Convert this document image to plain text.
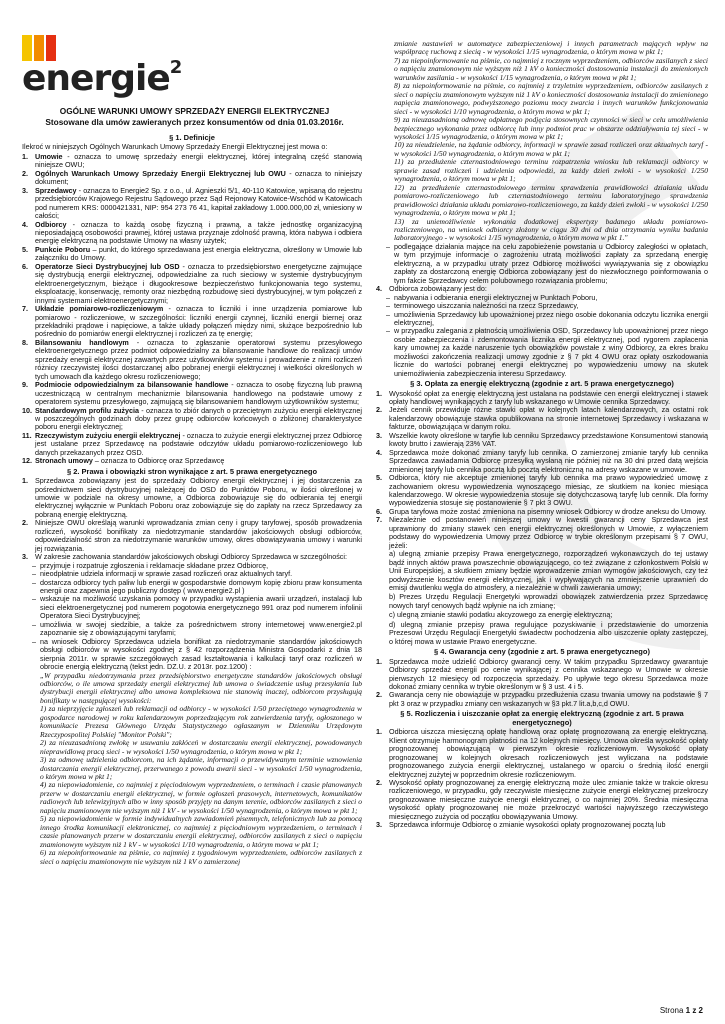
energie$^2$
OGÓLNE WARUNKI UMOWY SPRZEDAŻY ENERGII ELEKTRYCZNEJ
Stosowane dla umów zawieranych przez konsumentów od dnia 01.03.2016r.
§ 1. Definicje
Ilekroć w niniejszych Ogólnych Warunkach Umowy Sprzedaży Energii Elektrycznej jest mowa o:
1. Umowie - oznacza to umowę sprzedaży energii elektrycznej, której integralną część stanowią niniejsze OWU;
2. Ogólnych Warunkach Umowy Sprzedaży Energii Elektrycznej lub OWU - oznacza to niniejszy dokument;
3. Sprzedawcy - oznacza to Energie2 Sp. z o.o., ul. Agnieszki 5/1, 40-110 Katowice, wpisaną do rejestru przedsiębiorców Krajowego Rejestru Sądowego przez Sąd Rejonowy Katowice-Wschód w Katowicach pod numerem KRS: 0000421331, NIP: 954 273 76 41, kapitał zakładowy 1.000.000,00 zł, wniesiony w całości;
4. Odbiorcy - oznacza to każdą osobę fizyczną i prawną, a także jednostkę organizacyjną nieposiadającą osobowości prawnej, której ustawa przyznaje zdolność prawną, która nabywa i odbiera energię elektryczną na podstawie Umowy na własny użytek;
5. Punkcie Poboru – punkt, do którego sprzedawana jest energia elektryczna, określony w Umowie lub załączniku do Umowy.
6. Operatorze Sieci Dystrybucyjnej lub OSD - oznacza to przedsiębiorstwo energetyczne zajmujące się dystrybucją energii elektrycznej, odpowiedzialne za ruch sieciowy w systemie dystrybucyjnym elektroenergetycznym, bieżące i długookresowe bezpieczeństwo funkcjonowania tego systemu, eksploatację, konserwację, remonty oraz niezbędną rozbudowę sieci dystrybucyjnej, w tym połączeń z innymi systemami elektroenergetycznymi;
7. Układzie pomiarowo-rozliczeniowym - oznacza to liczniki i inne urządzenia pomiarowe lub pomiarowo - rozliczeniowe, w szczególności: liczniki energii czynnej, liczniki energii biernej oraz przekładniki prądowe i napięciowe, a także układy połączeń między nimi, służące bezpośrednio lub pośrednio do pomiarów energii elektrycznej i rozliczeń za tę energię;
8. Bilansowaniu handlowym - oznacza to zgłaszanie operatorowi systemu przesyłowego elektroenergetycznego przez podmiot odpowiedzialny za bilansowanie handlowe do realizacji umów sprzedaży energii elektrycznej zawartych przez użytkowników systemu i prowadzenie z nimi rozliczeń różnicy rzeczywistej ilości dostarczanej albo pobranej energii elektrycznej i wielkości określonych w tych umowach dla każdego okresu rozliczeniowego;
9. Podmiocie odpowiedzialnym za bilansowanie handlowe - oznacza to osobę fizyczną lub prawną uczestniczącą w centralnym mechanizmie bilansowania handlowego na podstawie umowy z operatorem systemu przesyłowego, zajmującą się bilansowaniem handlowym użytkowników systemu;
10. Standardowym profilu zużycia - oznacza to zbiór danych o przeciętnym zużyciu energii elektrycznej w poszczególnych godzinach doby przez grupę odbiorców końcowych o zbliżonej charakterystyce poboru energii elektrycznej;
11. Rzeczywistym zużyciu energii elektrycznej - oznacza to zużycie energii elektrycznej przez Odbiorcę jest ustalane przez Sprzedawcę na podstawie odczytów układu pomiarowo-rozliczeniowego lub danych przekazanych przez OSD.
12. Stronach umowy – oznacza to Odbiorcę oraz Sprzedawcę
§ 2. Prawa i obowiązki stron wynikające z art. 5 prawa energetycznego
1. Sprzedawca zobowiązany jest do sprzedaży Odbiorcy energii elektrycznej i jej dostarczenia za pośrednictwem sieci dystrybucyjnej należącej do OSD do Punktów Poboru, w ilości określonej w umowie w podziale na okresy umowne, a Odbiorca zobowiązuje się do odbierania tej energii elektrycznej wyłącznie w Punktach Poboru oraz zobowiązuje się do zapłaty na rzecz Sprzedawcy za pobraną energię elektryczną.
2. Niniejsze OWU określają warunki wprowadzania zmian ceny i grupy taryfowej, sposób prowadzenia rozliczeń, wysokość bonifikaty za niedotrzymanie standardów jakościowych obsługi odbiorców, odpowiedzialność stron za niedotrzymanie warunków umowy, okres obowiązywania umowy i warunki jej rozwiązania.
3. W zakresie zachowania standardów jakościowych obsługi Odbiorcy Sprzedawca w szczególności:
– przyjmuje i rozpatruje zgłoszenia i reklamacje składane przez Odbiorcę,
– nieodpłatnie udziela informacji w sprawie zasad rozliczeń oraz aktualnych taryf.
– dostarcza odbiorcy tych paliw lub energii w gospodarstwie domowym kopię zbioru praw konsumenta energii oraz zapewnia jego publiczny dostęp ( www.energie2.pl )
– wskazuje na możliwość uzyskania pomocy w przypadku wystąpienia awarii urządzeń, instalacji lub sieci elektroenergetycznej pod numerem pogotowia energetycznego 991 oraz pod numerem infolinii Operatora Sieci Dystrybucyjnej;
– umożliwia w swojej siedzibie, a także za pośrednictwem strony internetowej www.energie2.pl zapoznanie się z obowiązującymi taryfami;
– na wniosek Odbiorcy Sprzedawca udziela bonifikat za niedotrzymanie standardów jakościowych obsługi odbiorców w wysokości zgodnej z § 42 rozporządzenia Ministra Gospodarki z dnia 18 sierpnia 2011r. w sprawie szczegółowych zasad kształtowania i kalkulacji taryf oraz rozliczeń w obrocie energią elektryczną (tekst jedn. DZ.U. z 2013r. poz.1200) :
„W przypadku niedotrzymania przez przedsiębiorstwo energetyczne standardów jakościowych obsługi odbiorców, o ile umowa sprzedaży energii elektrycznej lub umowa o świadczenie usług przesyłania lub dystrybucji energii elektrycznej albo umowa kompleksowa nie stanowią inaczej, odbiorcom przysługują bonifikaty w następującej wysokości:
1) za nieprzyjęcie zgłoszeń lub reklamacji od odbiorcy - w wysokości 1/50 przeciętnego wynagrodzenia w gospodarce narodowej w roku kalendarzowym poprzedzającym rok zatwierdzenia taryfy, ogłoszonego w komunikacie Prezesa Głównego Urzędu Statystycznego ogłaszanym w Dzienniku Urzędowym Rzeczypospolitej Polskiej "Monitor Polski";
2) za nieuzasadnioną zwłokę w usuwaniu zakłóceń w dostarczaniu energii elektrycznej, powodowanych nieprawidłową pracą sieci - w wysokości 1/50 wynagrodzenia, o którym mowa w pkt 1;
3) za odmowę udzielenia odbiorcom, na ich żądanie, informacji o przewidywanym terminie wznowienia dostarczania energii elektrycznej, przerwanego z powodu awarii sieci - w wysokości 1/50 wynagrodzenia, o którym mowa w pkt 1;
4) za niepowiadomienie, co najmniej z pięciodniowym wyprzedzeniem, o terminach i czasie planowanych przerw w dostarczaniu energii elektrycznej, w formie ogłoszeń prasowych, internetowych, komunikatów radiowych lub telewizyjnych albo w inny sposób przyjęty na danym terenie, odbiorców zasilanych z sieci o napięciu znamionowym nie wyższym niż 1 kV - w wysokości 1/50 wynagrodzenia, o którym mowa w pkt 1;
5) za niepowiadomienie w formie indywidualnych zawiadomień pisemnych, telefonicznych lub za pomocą innego środka komunikacji elektronicznej, co najmniej z pięciodniowym wyprzedzeniem, o terminach i czasie planowanych przerw w dostarczaniu energii elektrycznej, odbiorców zasilanych z sieci o napięciu znamionowym wyższym niż 1 kV - w wysokości 1/10 wynagrodzenia, o którym mowa w pkt 1;
6) za niepoinformowanie na piśmie, co najmniej z tygodniowym wyprzedzeniem, odbiorców zasilanych z sieci o napięciu znamionowym nie wyższym niż 1 kV o zamierzonej
zmianie nastawień w automatyce zabezpieczeniowej i innych parametrach mających wpływ na współpracę ruchową z siecią - w wysokości 1/15 wynagrodzenia, o którym mowa w pkt 1;
7) za niepoinformowanie na piśmie, co najmniej z rocznym wyprzedzeniem, odbiorców zasilanych z sieci o napięciu znamionowym nie wyższym niż 1 kV o konieczności dostosowania instalacji do zmienionych warunków zasilania - w wysokości 1/15 wynagrodzenia, o którym mowa w pkt 1;
8) za niepoinformowanie na piśmie, co najmniej z trzyletnim wyprzedzeniem, odbiorców zasilanych z sieci o napięciu znamionowym wyższym niż 1 kV o konieczności dostosowania instalacji do zmienionego napięcia znamionowego, podwyższonego poziomu mocy zwarcia i innych warunków funkcjonowania sieci - w wysokości 1/10 wynagrodzenia, o którym mowa w pkt 1;
9) za nieuzasadnioną odmowę odpłatnego podjęcia stosownych czynności w sieci w celu umożliwienia bezpiecznego wykonania przez odbiorcę lub inny podmiot prac w obszarze oddziaływania tej sieci - w wysokości 1/15 wynagrodzenia, o którym mowa w pkt 1;
10) za nieudzielenie, na żądanie odbiorcy, informacji w sprawie zasad rozliczeń oraz aktualnych taryf - w wysokości 1/50 wynagrodzenia, o którym mowa w pkt 1;
11) za przedłużenie czternastodniowego terminu rozpatrzenia wniosku lub reklamacji odbiorcy w sprawie zasad rozliczeń i udzielenia odpowiedzi, za każdy dzień zwłoki - w wysokości 1/250 wynagrodzenia, o którym mowa w pkt 1;
12) za przedłużenie czternastodniowego terminu sprawdzenia prawidłowości działania układu pomiarowo-rozliczeniowego lub czternastodniowego terminu laboratoryjnego sprawdzenia prawidłowości działania układu pomiarowo-rozliczeniowego, za każdy dzień zwłoki - w wysokości 1/250 wynagrodzenia, o którym mowa w pkt 1;
13) za uniemożliwienie wykonania dodatkowej ekspertyzy badanego układu pomiarowo-rozliczeniowego, na wniosek odbiorcy złożony w ciągu 30 dni od dnia otrzymania wyniku badania laboratoryjnego - w wysokości 1/15 wynagrodzenia, o którym mowa w pkt 1."
– podlegające działania mające na celu zapobieżenie powstania u Odbiorcy zaległości w opłatach, w tym przyjmuje informacje o zagrożeniu utratą możliwości zapłaty za sprzedaną energię elektryczną, a w przypadku utraty przez Odbiorcę możliwości wywiązywania się z obowiązku zapłaty za dostarczoną energię Odbiorca zobowiązany jest do niezwłocznego poinformowania o tym fakcie Sprzedawcy celem polubownego rozwiązania problemu;
4. Odbiorca zobowiązany jest do:
– nabywania i odbierania energii elektrycznej w Punktach Poboru,
– terminowego uiszczania należności na rzecz Sprzedawcy,
– umożliwienia Sprzedawcy lub upoważnionej przez niego osobie dokonania odczytu licznika energii elektrycznej,
– w przypadku zalegania z płatnością umożliwienia OSD, Sprzedawcy lub upoważnionej przez niego osobie zabezpieczenia i zdemontowania licznika energii elektrycznej, pod rygorem zapłacenia kary umownej za każde naruszenie tych obowiązków powstałe z winy Odbiorcy, za ekres braku możliwości zakończenia realizacji umowy zgodnie z § 7 pkt 4 OWU oraz opłaty oszkodowania licznie do wartości pobranej energii elektrycznej po wypowiedzeniu umowy na skutek uniemożliwienia zabezpieczenia interesu Sprzedawcy.
§ 3. Opłata za energię elektryczną (zgodnie z art. 5 prawa energetycznego)
1. Wysokość opłat za energię elektryczną jest ustalana na podstawie cen energii elektrycznej i stawek opłaty handlowej wynikających z taryfy lub wskazanego w Umowie cennika Sprzedawcy.
2. Jeżeli cennik przewiduje różne stawki opłat w kolejnych latach kalendarzowych, za ostatni rok kalendarzowy obowiązuje stawka opublikowana na stronie internetowej Sprzedawcy i wskazana w fakturze, obowiązująca w danym roku.
3. Wszelkie kwoty określone w taryfie lub cenniku Sprzedawcy przedstawione Konsumentowi stanowią kwoty brutto i zawierają 23% VAT.
4. Sprzedawca może dokonać zmiany taryfy lub cennika. O zamierzonej zmianie taryfy lub cennika Sprzedawca zawiadamia Odbiorcę przesyłką wysłaną nie później niż na 30 dni przed datą wejścia zmienionej taryfy lub cennika pocztą lub pocztą elektroniczną na adresy wskazane w umowie.
5. Odbiorca, który nie akceptuje zmienionej taryfy lub cennika ma prawo wypowiedzieć umowę z zachowaniem okresu wypowiedzenia wynoszącego miesiąc, ze skutkiem na koniec miesiąca kalendarzowego. W okresie wypowiedzenia stosuje się dotychczasową taryfę lub cennik. Dla formy wypowiedzenia stosuje się postanowienie § 7 pkt 3 OWU.
6. Grupa taryfowa może zostać zmieniona na pisemny wniosek Odbiorcy w drodze aneksu do Umowy.
7. Niezależnie od postanowień niniejszej umowy w kwestii gwarancji ceny Sprzedawca jest uprawniony do zmiany stawek cen energii elektrycznej określonych w Umowie, z wyłączeniem podstawy do wypowiedzenia Umowy przez Odbiorcę w trybie określonym przepisami § 7 OWU, jeżeli:
a) ulegną zmianie przepisy Prawa energetycznego, rozporządzeń wykonawczych do tej ustawy bądź innych aktów prawa powszechnie obowiązującego, co też związane z członkostwem Polski w Unii Europejskiej, a skutkiem zmiany będzie wprowadzenie zmian wymogów jakościowych, czy też podwyższenie kosztów energii elektrycznej, jak i wypływających na zmniejszenie uprawnień do emisji dwutlenku węgla do atmosfery, a niezależnie w chwili zawierania umowy;
b) Prezes Urzędu Regulacji Energetyki wprowadzi obowiązek zatwierdzenia przez Sprzedawcę nowych taryf cenowych bądź wpłynie na ich zmianę;
c) ulegną zmianie stawki podatku akcyzowego za energię elektryczną;
d) ulegną zmianie przepisy prawa regulujące pozyskiwanie i przedstawienie do umorzenia Prezesowi Urzędu Regulacji Energetyki świadectw pochodzenia albo uiszczenie opłaty zastępczej, o której mowa w ustawie Prawo energetyczne.
§ 4. Gwarancja ceny (zgodnie z art. 5 prawa energetycznego)
1. Sprzedawca może udzielić Odbiorcy gwarancji ceny. W takim przypadku Sprzedawcy gwarantuje Odbiorcy sprzedaż energii po cenie wynikającej z cennika wskazanego w Umowie w okresie pierwszych 12 miesięcy od rozpoczęcia sprzedaży. Po upływie tego okresu Sprzedawca może dokonać zmiany cennika w trybie określonym w § 3 ust. 4 i 5.
2. Gwarancja ceny nie obowiązuje w przypadku przedłużenia czasu trwania umowy na podstawie § 7 pkt 3 oraz w przypadku zmiany cen wskazanych w §3 pkt.7 lit.a,b,c,d OWU.
§ 5. Rozliczenia i uiszczanie opłat za energię elektryczną (zgodnie z art. 5 prawa energetycznego)
1. Odbiorca uiszcza miesięczną opłatę handlową oraz opłatę prognozowaną za energię elektryczną. Klient otrzymuje harmonogram płatności na 12 kolejnych miesięcy. Umowa określa wysokość opłaty prognozowanej obowiązującą w pierwszym okresie rozliczeniowym. Wysokość opłaty prognozowanej w kolejnych okresach rozliczeniowych jest wyliczana na podstawie prognozowanego zużycia energii elektrycznej, ustalanego w oparciu o średnią ilość energii elektrycznej zużytej w poprzednim okresie rozliczeniowym.
2. Wysokość opłaty prognozowanej za energię elektryczną może ulec zmianie także w trakcie okresu rozliczeniowego, w przypadku, gdy rzeczywiste miesięczne zużycie energii elektrycznej przekroczy prognozowane miesięczne zużycie energii elektrycznej, o co najmniej 20%. Średnia miesięczna wysokość opłaty prognozowanej nie może przekroczyć wartości najwyższego rzeczywistego miesięcznego zużycia od początku obowiązywania Umowy.
3. Sprzedawca informuje Odbiorcę o zmianie wysokości opłaty prognozowanej pocztą lub
Strona 1 z 2
